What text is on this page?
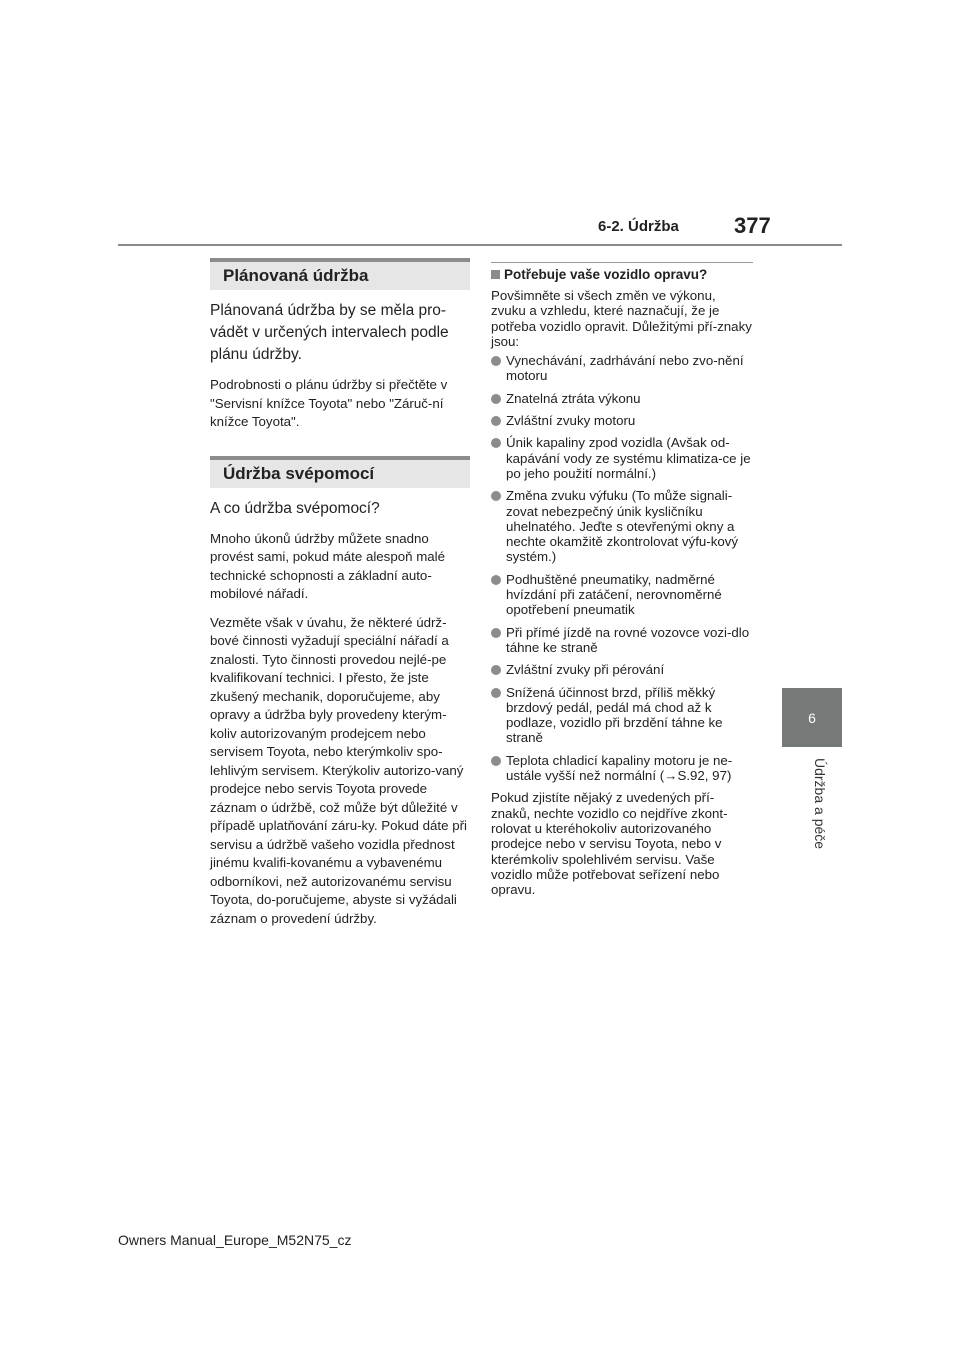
6-2. Údržba	377
6
Údržba a péče
Plánovaná údržba

Plánovaná údržba by se měla pro-vádět v určených intervalech podle plánu údržby.

Podrobnosti o plánu údržby si přečtěte v "Servisní knížce Toyota" nebo "Záruč-ní knížce Toyota".

Údržba svépomocí

A co údržba svépomocí?

Mnoho úkonů údržby můžete snadno provést sami, pokud máte alespoň malé technické schopnosti a základní auto-mobilové nářadí.

Vezměte však v úvahu, že některé údrž-bové činnosti vyžadují speciální nářadí a znalosti. Tyto činnosti provedou nejlé-pe kvalifikovaní technici. I přesto, že jste zkušený mechanik, doporučujeme, aby opravy a údržba byly provedeny kterým-koliv autorizovaným prodejcem nebo servisem Toyota, nebo kterýmkoliv spo-lehlivým servisem. Kterýkoliv autorizo-vaný prodejce nebo servis Toyota provede záznam o údržbě, což může být důležité v případě uplatňování záru-ky. Pokud dáte při servisu a údržbě vašeho vozidla přednost jinému kvalifi-kovanému a vybavenému odborníkovi, než autorizovanému servisu Toyota, do-poručujeme, abyste si vyžádali záznam o provedení údržby.

Potřebuje vaše vozidlo opravu?

Povšimněte si všech změn ve výkonu, zvuku a vzhledu, které naznačují, že je potřeba vozidlo opravit. Důležitými pří-znaky jsou:

Vynechávání, zadrhávání nebo zvo-nění motoru
Znatelná ztráta výkonu
Zvláštní zvuky motoru
Únik kapaliny zpod vozidla (Avšak od-kapávání vody ze systému klimatiza-ce je po jeho použití normální.)
Změna zvuku výfuku (To může signali-zovat nebezpečný únik kysličníku uhelnatého. Jeďte s otevřenými okny a nechte okamžitě zkontrolovat výfu-kový systém.)
Podhuštěné pneumatiky, nadměrné hvízdání při zatáčení, nerovnoměrné opotřebení pneumatik
Při přímé jízdě na rovné vozovce vozi-dlo táhne ke straně
Zvláštní zvuky při pérování
Snížená účinnost brzd, příliš měkký brzdový pedál, pedál má chod až k podlaze, vozidlo při brzdění táhne ke straně
Teplota chladicí kapaliny motoru je ne-ustále vyšší než normální (→S.92, 97)

Pokud zjistíte nějaký z uvedených pří-znaků, nechte vozidlo co nejdříve zkont-rolovat u kteréhokoliv autorizovaného prodejce nebo v servisu Toyota, nebo v kterémkoliv spolehlivém servisu. Vaše vozidlo může potřebovat seřízení nebo opravu.

Owners Manual_Europe_M52N75_cz
